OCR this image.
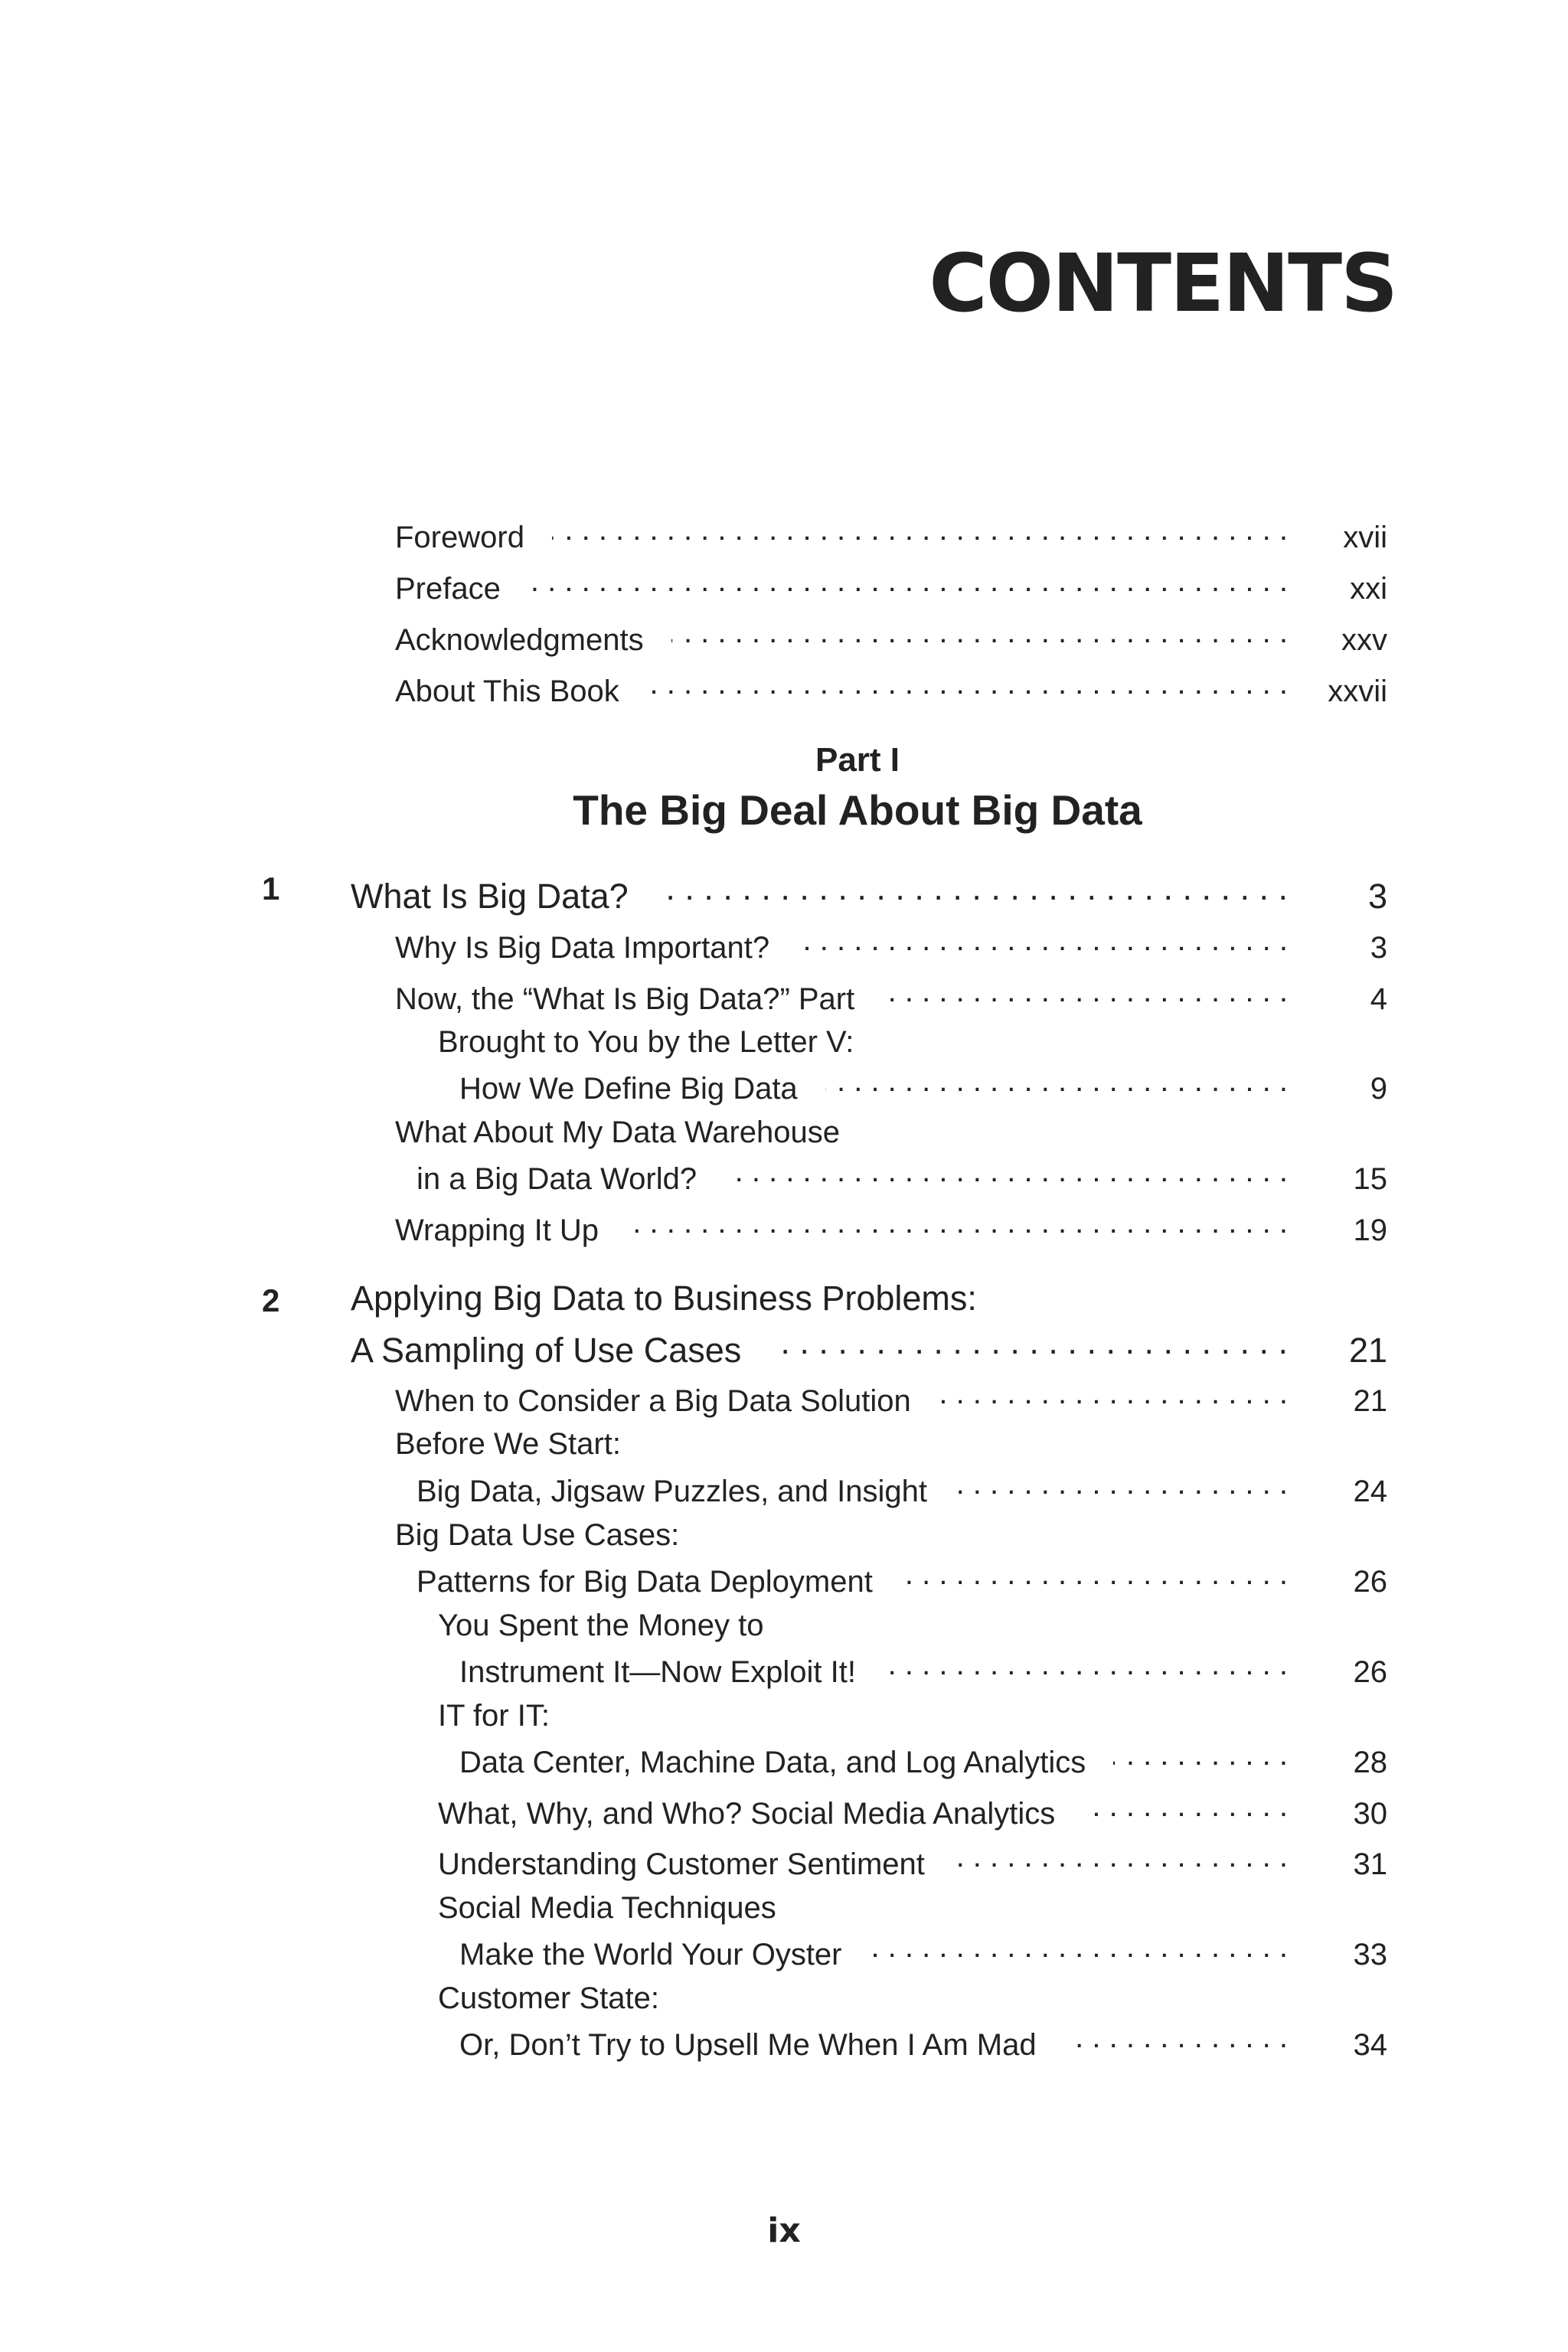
CONTENTS
Foreword . . .	xvii
Preface . . .	xxi
Acknowledgments . . .	xxv
About This Book . . .	xxvii
Part I
The Big Deal About Big Data
1 What Is Big Data? . . .	3
Why Is Big Data Important? . . .	3
Now, the “What Is Big Data?” Part . . .	4
Brought to You by the Letter V:
How We Define Big Data . . .	9
What About My Data Warehouse
in a Big Data World? . . .	15
Wrapping It Up . . .	19
2 Applying Big Data to Business Problems:
A Sampling of Use Cases . . .	21
When to Consider a Big Data Solution . . .	21
Before We Start:
Big Data, Jigsaw Puzzles, and Insight . . .	24
Big Data Use Cases:
Patterns for Big Data Deployment . . .	26
You Spent the Money to
Instrument It—Now Exploit It! . . .	26
IT for IT:
Data Center, Machine Data, and Log Analytics . . .	28
What, Why, and Who? Social Media Analytics . . .	30
Understanding Customer Sentiment . . .	31
Social Media Techniques
Make the World Your Oyster . . .	33
Customer State:
Or, Don’t Try to Upsell Me When I Am Mad . . .	34
ix
